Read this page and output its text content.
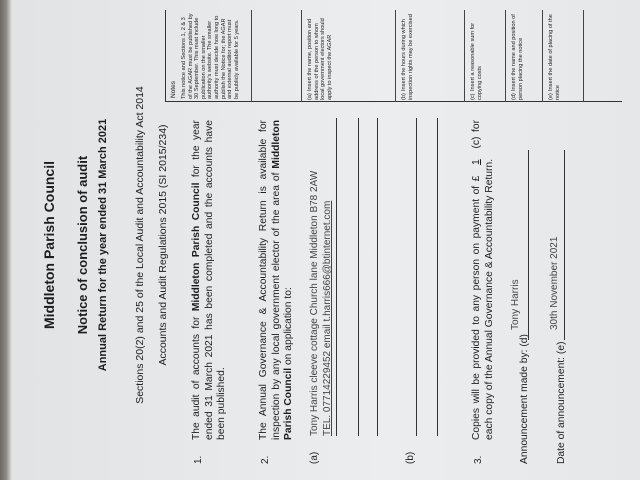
Middleton Parish Council Notice of conclusion of audit Annual Return for the year ended 31 March 2021 Sections 20(2) and 25 of the Local Audit and Accountability Act 2014 Accounts and Audit Regulations 2015 (SI 2015/234)
1.
The audit of accounts for Middleton Parish Council for the year ended 31 March 2021 has been completed and the accounts have been published.
2.
The Annual Governance & Accountability Return is available for inspection by any local government elector of the area of Middleton Parish Council on application to:
(a)
Tony Harris cleeve cottage Church lane Middleton B78 2AW TEL. 07714229452 email t.harris666@btinternet.com
(b)	3.
Copies will be provided to any person on payment of £ 1 (c) for each copy of the Annual Governance & Accountability Return. Announcement made by: (d)
Tony Harris
Date of announcement: (e)
30th November 2021
Notes This notice and Sections 1, 2 & 3 of the AGAR must be published by 30 September. This must include publication on the smaller authority's website. The smaller authority must decide how long to publish the Notice for; the AGAR and external auditor report must be publicly available for 5 years.	(a)Insert the name, position and address of the person to whom local government electors should apply to inspect the AGAR	(b)Insert the hours during which inspection rights may be exercised	(c)Insert a reasonable sum for copying costs	(d)Insert the name and position of person placing the notice	(e)Insert the date of placing of the notice
